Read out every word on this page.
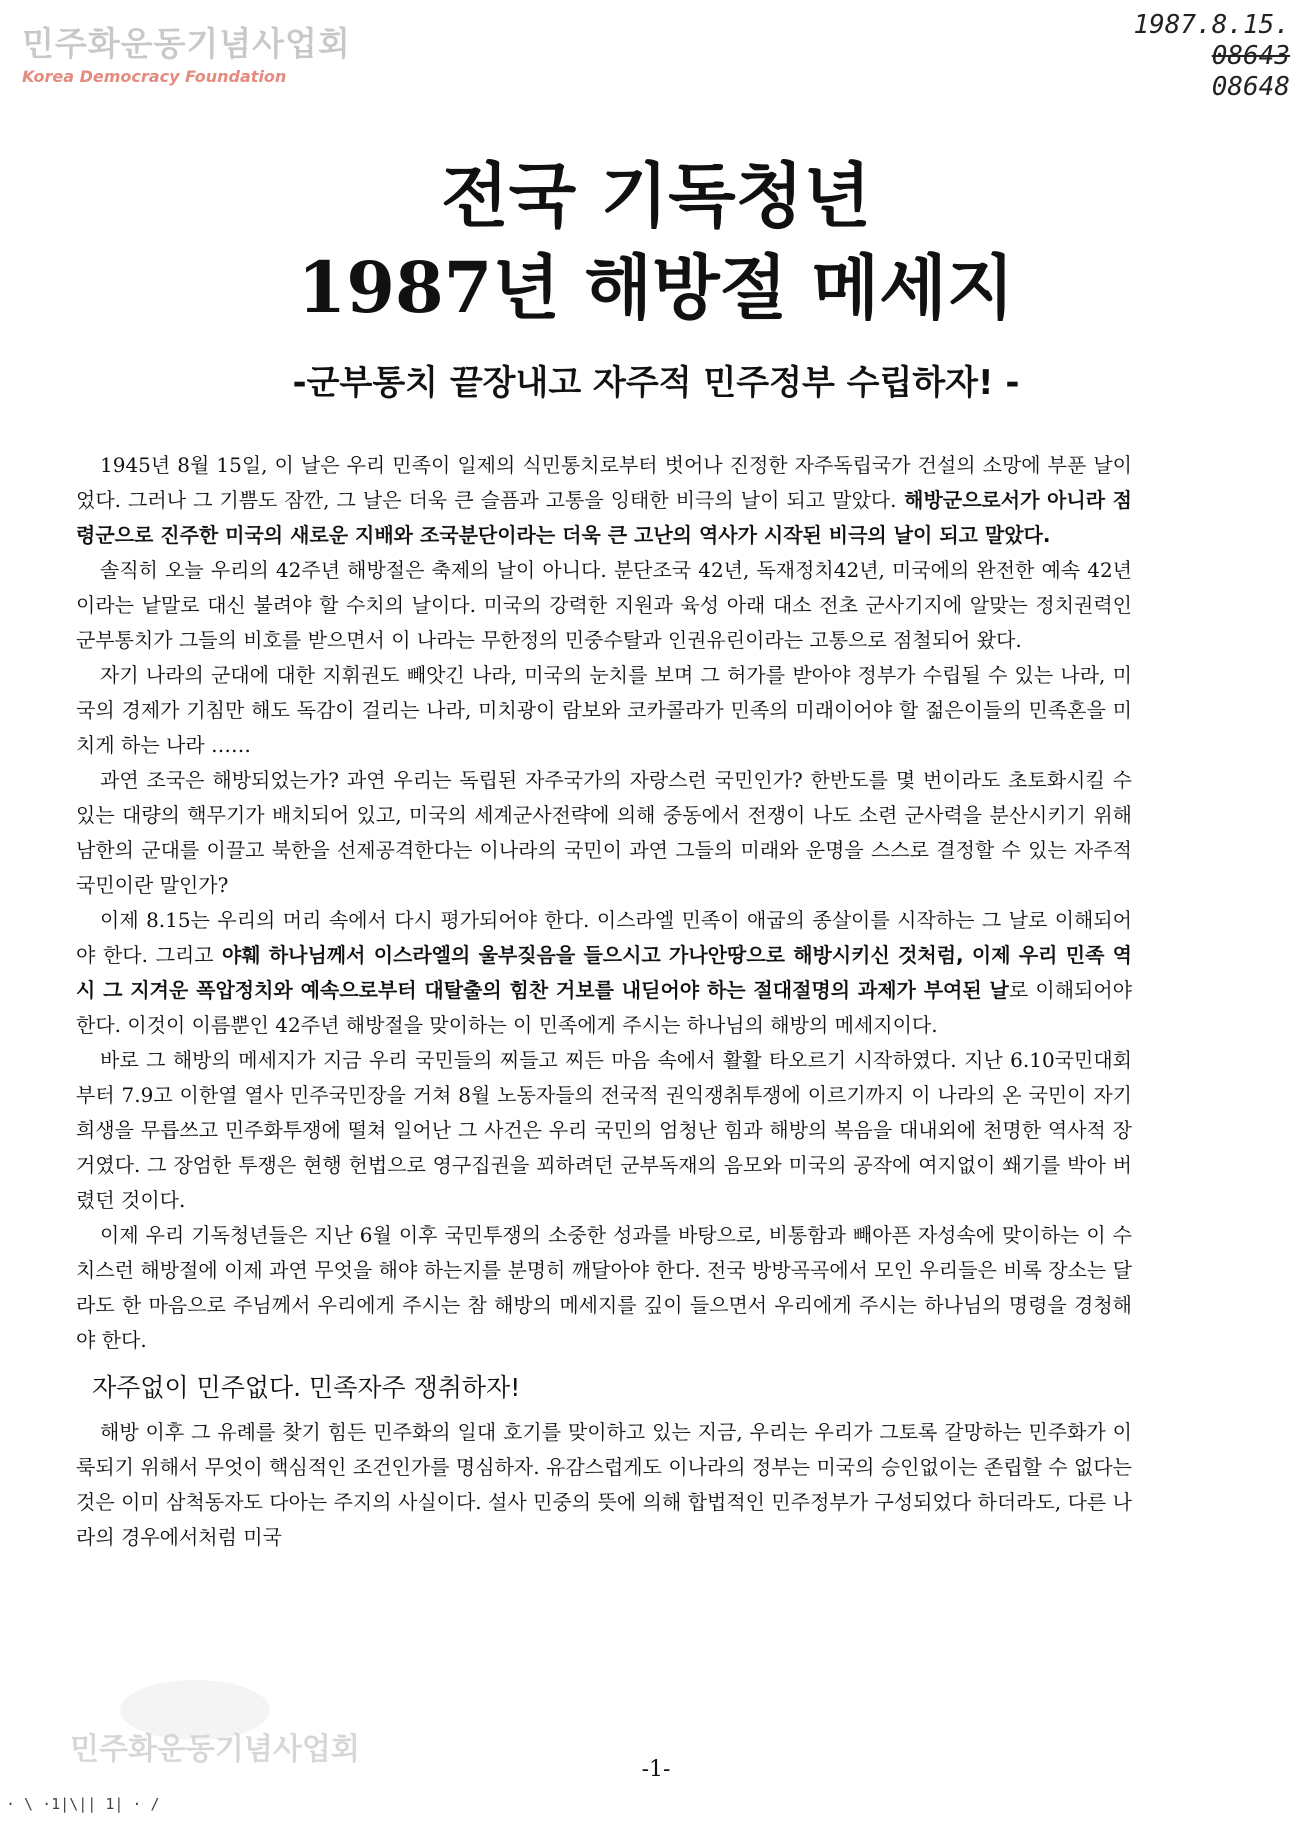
민주화운동기념사업회
Korea Democracy Foundation
1987.8.15.
08643
08648
전국 기독청년
1987년 해방절 메세지
-군부통치 끝장내고 자주적 민주정부 수립하자! -

1945년 8월 15일, 이 날은 우리 민족이 일제의 식민통치로부터 벗어나 진정한 자주독립국가 건설의 소망에 부푼 날이었다. 그러나 그 기쁨도 잠깐, 그 날은 더욱 큰 슬픔과 고통을 잉태한 비극의 날이 되고 말았다. 해방군으로서가 아니라 점령군으로 진주한 미국의 새로운 지배와 조국분단이라는 더욱 큰 고난의 역사가 시작된 비극의 날이 되고 말았다.

솔직히 오늘 우리의 42주년 해방절은 축제의 날이 아니다. 분단조국 42년, 독재정치42년, 미국에의 완전한 예속 42년이라는 낱말로 대신 불려야 할 수치의 날이다. 미국의 강력한 지원과 육성 아래 대소 전초 군사기지에 알맞는 정치권력인 군부통치가 그들의 비호를 받으면서 이 나라는 무한정의 민중수탈과 인권유린이라는 고통으로 점철되어 왔다.

자기 나라의 군대에 대한 지휘권도 빼앗긴 나라, 미국의 눈치를 보며 그 허가를 받아야 정부가 수립될 수 있는 나라, 미국의 경제가 기침만 해도 독감이 걸리는 나라, 미치광이 람보와 코카콜라가 민족의 미래이어야 할 젊은이들의 민족혼을 미치게 하는 나라 ……

과연 조국은 해방되었는가? 과연 우리는 독립된 자주국가의 자랑스런 국민인가? 한반도를 몇 번이라도 초토화시킬 수 있는 대량의 핵무기가 배치되어 있고, 미국의 세계군사전략에 의해 중동에서 전쟁이 나도 소련 군사력을 분산시키기 위해 남한의 군대를 이끌고 북한을 선제공격한다는 이나라의 국민이 과연 그들의 미래와 운명을 스스로 결정할 수 있는 자주적 국민이란 말인가?

이제 8.15는 우리의 머리 속에서 다시 평가되어야 한다. 이스라엘 민족이 애굽의 종살이를 시작하는 그 날로 이해되어야 한다. 그리고 야훼 하나님께서 이스라엘의 울부짖음을 들으시고 가나안땅으로 해방시키신 것처럼, 이제 우리 민족 역시 그 지겨운 폭압정치와 예속으로부터 대탈출의 힘찬 거보를 내딛어야 하는 절대절명의 과제가 부여된 날로 이해되어야 한다. 이것이 이름뿐인 42주년 해방절을 맞이하는 이 민족에게 주시는 하나님의 해방의 메세지이다.

바로 그 해방의 메세지가 지금 우리 국민들의 찌들고 찌든 마음 속에서 활활 타오르기 시작하였다. 지난 6.10국민대회부터 7.9고 이한열 열사 민주국민장을 거쳐 8월 노동자들의 전국적 권익쟁취투쟁에 이르기까지 이 나라의 온 국민이 자기희생을 무릅쓰고 민주화투쟁에 떨쳐 일어난 그 사건은 우리 국민의 엄청난 힘과 해방의 복음을 대내외에 천명한 역사적 장거였다. 그 장엄한 투쟁은 현행 헌법으로 영구집권을 꾀하려던 군부독재의 음모와 미국의 공작에 여지없이 쐐기를 박아 버렸던 것이다.

이제 우리 기독청년들은 지난 6월 이후 국민투쟁의 소중한 성과를 바탕으로, 비통함과 빼아픈 자성속에 맞이하는 이 수치스런 해방절에 이제 과연 무엇을 해야 하는지를 분명히 깨달아야 한다. 전국 방방곡곡에서 모인 우리들은 비록 장소는 달라도 한 마음으로 주님께서 우리에게 주시는 참 해방의 메세지를 깊이 들으면서 우리에게 주시는 하나님의 명령을 경청해야 한다.

자주없이 민주없다. 민족자주 쟁취하자!

해방 이후 그 유례를 찾기 힘든 민주화의 일대 호기를 맞이하고 있는 지금, 우리는 우리가 그토록 갈망하는 민주화가 이룩되기 위해서 무엇이 핵심적인 조건인가를 명심하자. 유감스럽게도 이나라의 정부는 미국의 승인없이는 존립할 수 없다는 것은 이미 삼척동자도 다아는 주지의 사실이다. 설사 민중의 뜻에 의해 합법적인 민주정부가 구성되었다 하더라도, 다른 나라의 경우에서처럼 미국

민주화운동기념사업회
-1-
· \ ·1|\|| 1| · /
